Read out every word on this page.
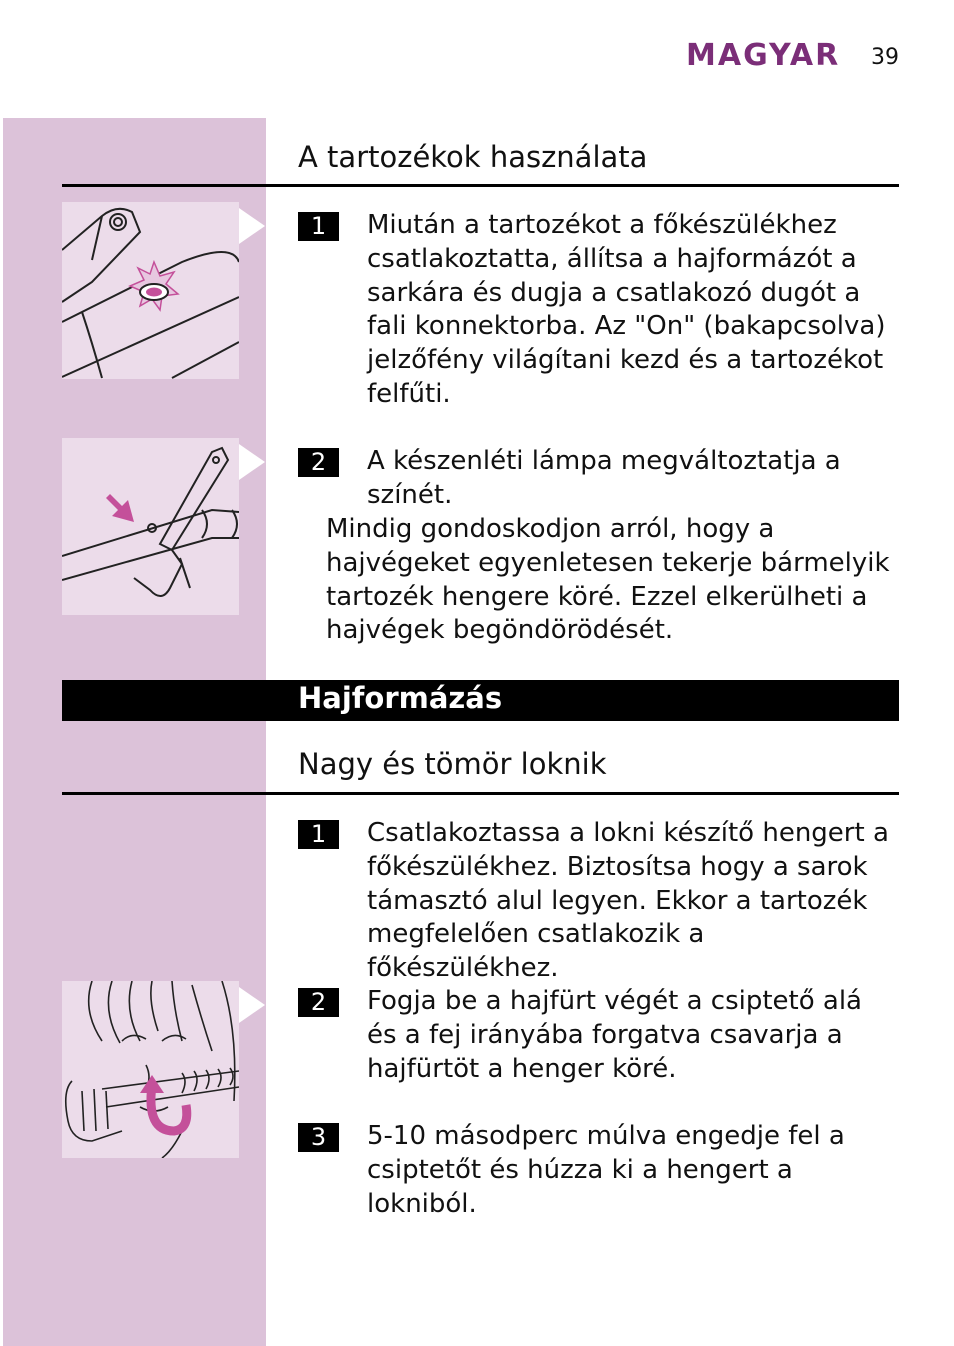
MAGYAR 39
A tartozékok használata
1	Miután a tartozékot a főkészülékhez csatlakoztatta, állítsa a hajformázót a sarkára és dugja a csatlakozó dugót a fali konnektorba. Az "On" (bakapcsolva) jelzőfény világítani kezd és a tartozékot felfűti.
2	A készenléti lámpa megváltoztatja a színét.
Mindig gondoskodjon arról, hogy a hajvégeket egyenletesen tekerje bármelyik tartozék hengere köré. Ezzel elkerülheti a hajvégek begöndörödését.
Hajformázás
Nagy és tömör loknik
1	Csatlakoztassa a lokni készítő hengert a főkészülékhez. Biztosítsa hogy a sarok támasztó alul legyen. Ekkor a tartozék megfelelően csatlakozik a főkészülékhez.
2	Fogja be a hajfürt végét a csiptető alá és a fej irányába forgatva csavarja a hajfürtöt a henger köré.
3	5-10 másodperc múlva engedje fel a csiptetőt és húzza ki a hengert a lokniból.
